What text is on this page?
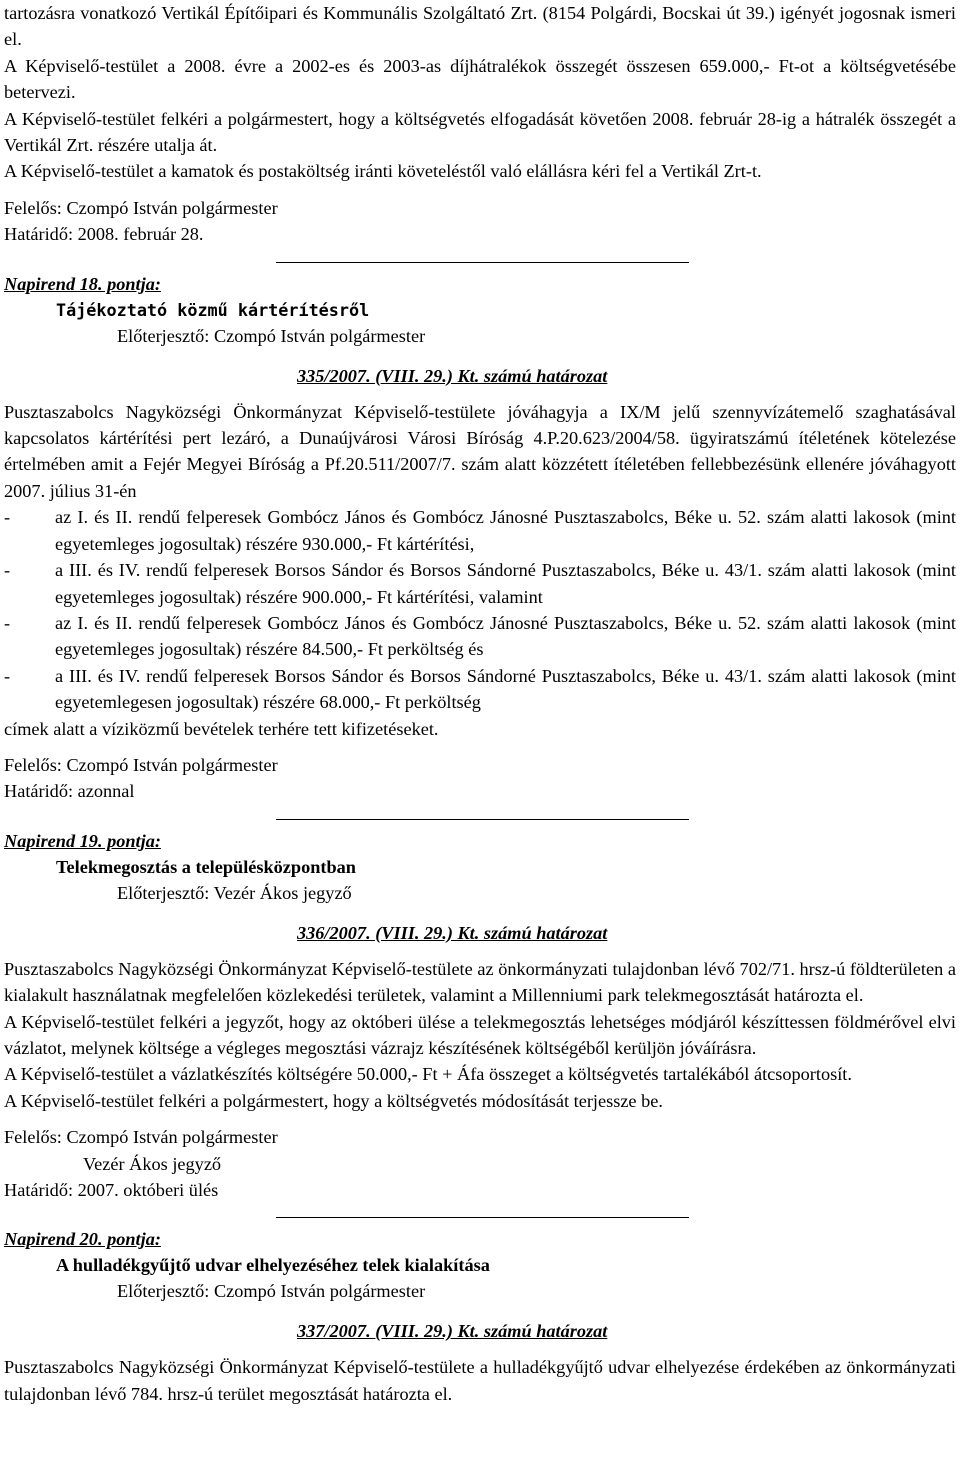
tartozásra vonatkozó Vertikál Építőipari és Kommunális Szolgáltató Zrt. (8154 Polgárdi, Bocskai út 39.) igényét jogosnak ismeri el.
A Képviselő-testület a 2008. évre a 2002-es és 2003-as díjhátralékok összegét összesen 659.000,- Ft-ot a költségvetésébe betervezi.
A Képviselő-testület felkéri a polgármestert, hogy a költségvetés elfogadását követően 2008. február 28-ig a hátralék összegét a Vertikál Zrt. részére utalja át.
A Képviselő-testület a kamatok és postaköltség iránti követeléstől való elállásra kéri fel a Vertikál Zrt-t.
Felelős: Czompó István polgármester
Határidő: 2008. február 28.
Napirend 18. pontja:
Tájékoztató közmű kártérítésről
Előterjesztő: Czompó István polgármester
335/2007. (VIII. 29.) Kt. számú határozat
Pusztaszabolcs Nagyközségi Önkormányzat Képviselő-testülete jóváhagyja a IX/M jelű szennyvízátemelő szaghatásával kapcsolatos kártérítési pert lezáró, a Dunaújvárosi Városi Bíróság 4.P.20.623/2004/58. ügyiratszámú ítéletének kötelezése értelmében amit a Fejér Megyei Bíróság a Pf.20.511/2007/7. szám alatt közzétett ítéletében fellebbezésünk ellenére jóváhagyott 2007. július 31-én
-	az I. és II. rendű felperesek Gombócz János és Gombócz Jánosné Pusztaszabolcs, Béke u. 52. szám alatti lakosok (mint egyetemleges jogosultak) részére 930.000,- Ft kártérítési,
-	a III. és IV. rendű felperesek Borsos Sándor és Borsos Sándorné Pusztaszabolcs, Béke u. 43/1. szám alatti lakosok (mint egyetemleges jogosultak) részére 900.000,- Ft kártérítési, valamint
-	az I. és II. rendű felperesek Gombócz János és Gombócz Jánosné Pusztaszabolcs, Béke u. 52. szám alatti lakosok (mint egyetemleges jogosultak) részére 84.500,- Ft perköltség és
-	a III. és IV. rendű felperesek Borsos Sándor és Borsos Sándorné Pusztaszabolcs, Béke u. 43/1. szám alatti lakosok (mint egyetemlegesen jogosultak) részére 68.000,- Ft perköltség
címek alatt a víziközmű bevételek terhére tett kifizetéseket.
Felelős: Czompó István polgármester
Határidő: azonnal
Napirend 19. pontja:
Telekmegosztás a településközpontban
Előterjesztő: Vezér Ákos jegyző
336/2007. (VIII. 29.) Kt. számú határozat
Pusztaszabolcs Nagyközségi Önkormányzat Képviselő-testülete az önkormányzati tulajdonban lévő 702/71. hrsz-ú földterületen a kialakult használatnak megfelelően közlekedési területek, valamint a Millenniumi park telekmegosztását határozta el.
A Képviselő-testület felkéri a jegyzőt, hogy az októberi ülése a telekmegosztás lehetséges módjáról készíttessen földmérővel elvi vázlatot, melynek költsége a végleges megosztási vázrajz készítésének költségéből kerüljön jóváírásra.
A Képviselő-testület a vázlatkészítés költségére 50.000,- Ft + Áfa összeget a költségvetés tartalékából átcsoportosít.
A Képviselő-testület felkéri a polgármestert, hogy a költségvetés módosítását terjessze be.
Felelős: Czompó István polgármester
Vezér Ákos jegyző
Határidő: 2007. októberi ülés
Napirend 20. pontja:
A hulladékgyűjtő udvar elhelyezéséhez telek kialakítása
Előterjesztő: Czompó István polgármester
337/2007. (VIII. 29.) Kt. számú határozat
Pusztaszabolcs Nagyközségi Önkormányzat Képviselő-testülete a hulladékgyűjtő udvar elhelyezése érdekében az önkormányzati tulajdonban lévő 784. hrsz-ú terület megosztását határozta el.
